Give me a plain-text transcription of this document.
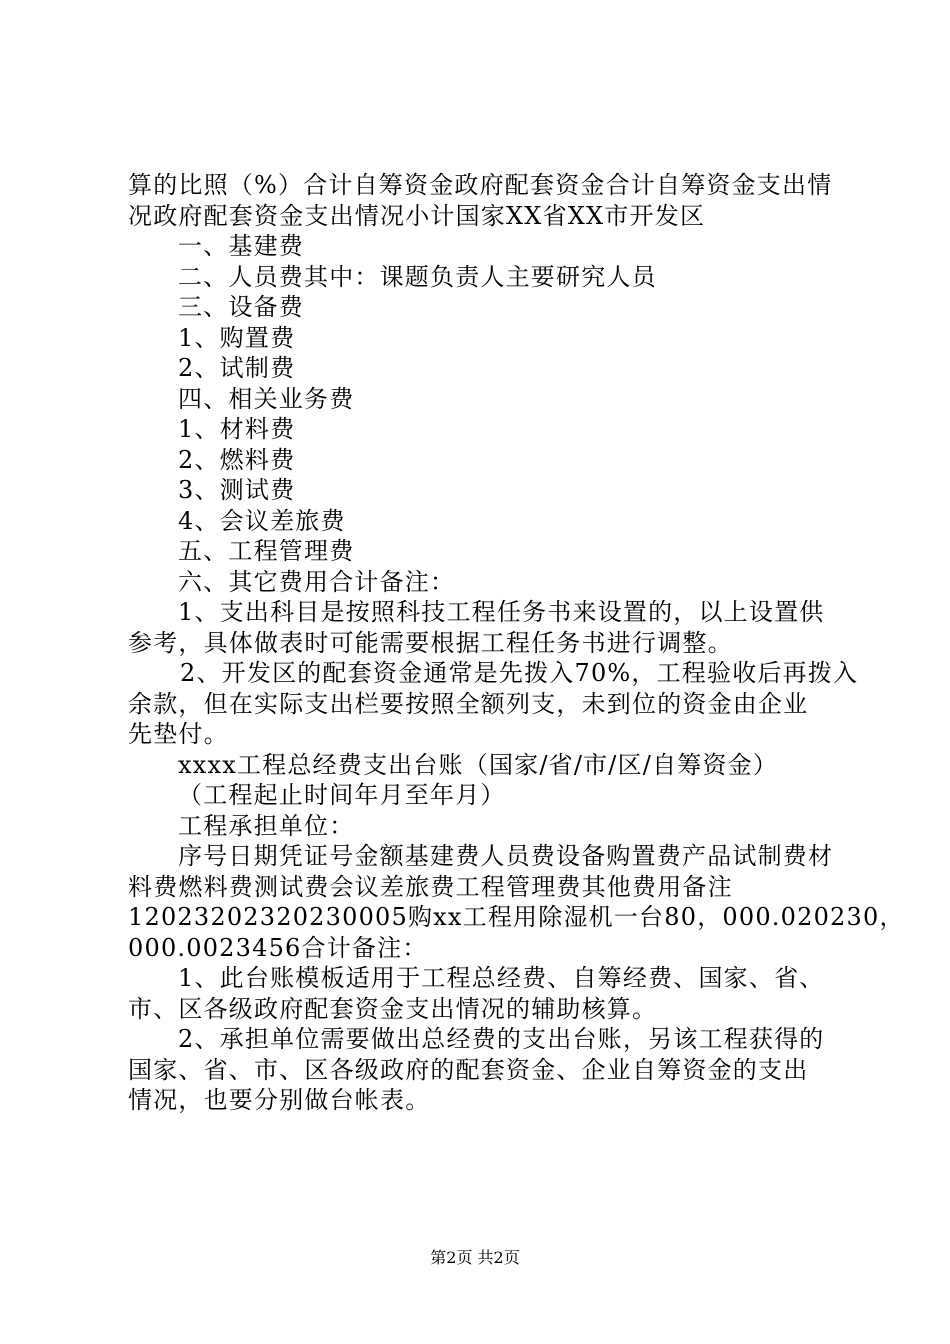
算的比照（%）合计自筹资金政府配套资金合计自筹资金支出情
况政府配套资金支出情况小计国家XX省XX市开发区
一、基建费
二、人员费其中：课题负责人主要研究人员
三、设备费
1、购置费
2、试制费
四、相关业务费
1、材料费
2、燃料费
3、测试费
4、会议差旅费
五、工程管理费
六、其它费用合计备注：
1、支出科目是按照科技工程任务书来设置的，以上设置供
参考，具体做表时可能需要根据工程任务书进行调整。
2、开发区的配套资金通常是先拨入70%，工程验收后再拨入
余款，但在实际支出栏要按照全额列支，未到位的资金由企业
先垫付。
xxxx工程总经费支出台账（国家/省/市/区/自筹资金）
（工程起止时间年月至年月）
工程承担单位：
序号日期凭证号金额基建费人员费设备购置费产品试制费材
料费燃料费测试费会议差旅费工程管理费其他费用备注
12023202320230005购xx工程用除湿机一台80，000.020230，
000.0023456合计备注：
1、此台账模板适用于工程总经费、自筹经费、国家、省、
市、区各级政府配套资金支出情况的辅助核算。
2、承担单位需要做出总经费的支出台账，另该工程获得的
国家、省、市、区各级政府的配套资金、企业自筹资金的支出
情况，也要分别做台帐表。
第2页 共2页
